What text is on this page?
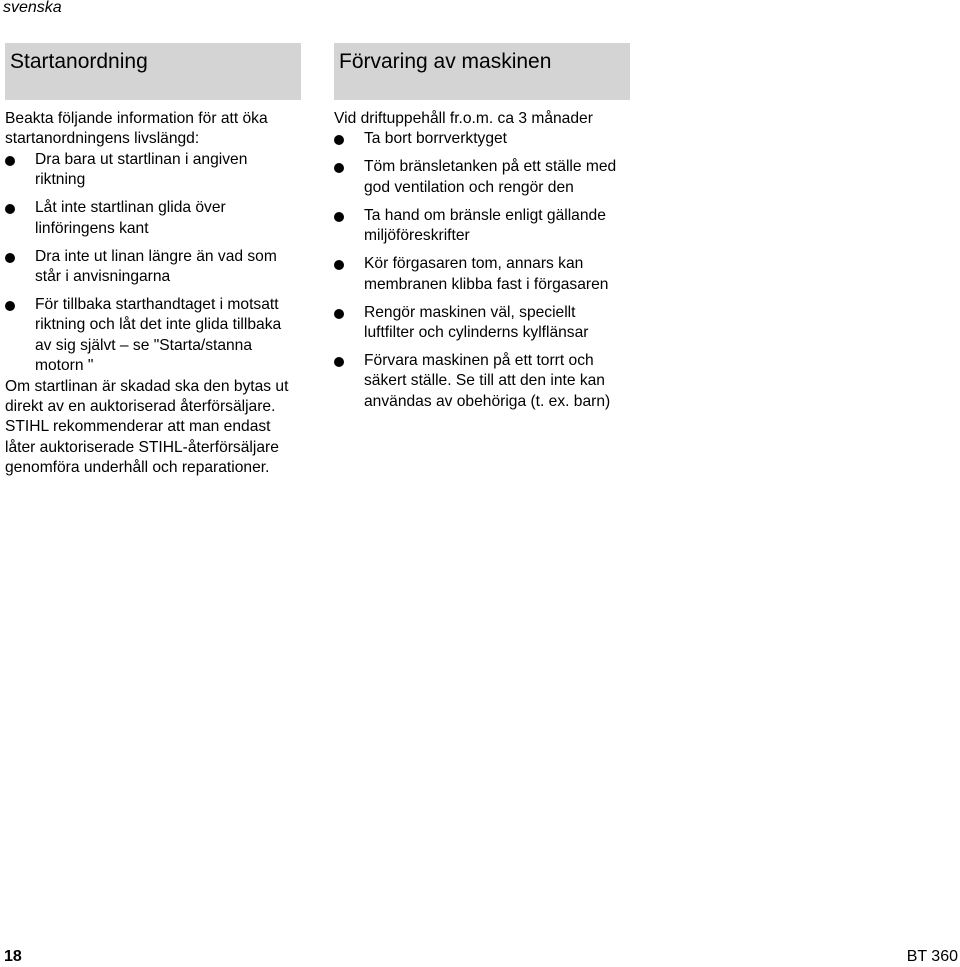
svenska
Startanordning

Beakta följande information för att öka startanordningens livslängd:

Dra bara ut startlinan i angiven riktning
Låt inte startlinan glida över linföringens kant
Dra inte ut linan längre än vad som står i anvisningarna
För tillbaka starthandtaget i motsatt riktning och låt det inte glida tillbaka av sig självt – se "Starta/stanna motorn "

Om startlinan är skadad ska den bytas ut direkt av en auktoriserad återförsäljare. STIHL rekommenderar att man endast låter auktoriserade STIHL-återförsäljare genomföra underhåll och reparationer.

Förvaring av maskinen

Vid driftuppehåll fr.o.m. ca 3 månader

Ta bort borrverktyget
Töm bränsletanken på ett ställe med god ventilation och rengör den
Ta hand om bränsle enligt gällande miljöföreskrifter
Kör förgasaren tom, annars kan membranen klibba fast i förgasaren
Rengör maskinen väl, speciellt luftfilter och cylinderns kylflänsar
Förvara maskinen på ett torrt och säkert ställe. Se till att den inte kan användas av obehöriga (t. ex. barn)
18	BT 360
